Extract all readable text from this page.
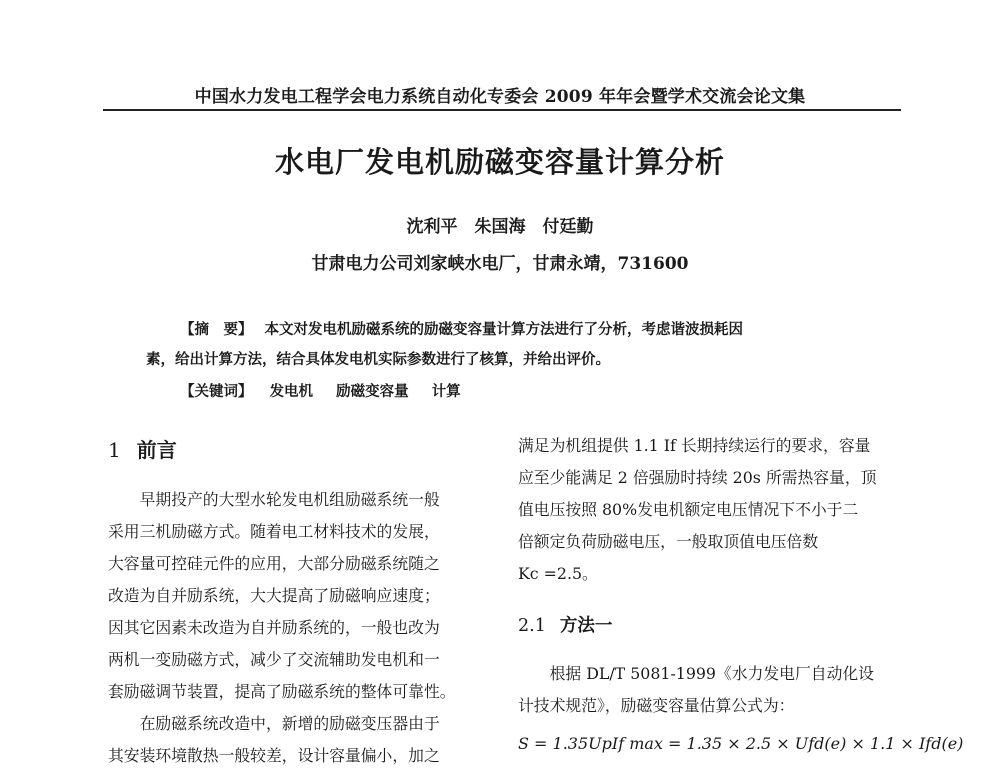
中国水力发电工程学会电力系统自动化专委会 2009 年年会暨学术交流会论文集
水电厂发电机励磁变容量计算分析
沈利平　朱国海　付廷勤
甘肃电力公司刘家峡水电厂，甘肃永靖，731600
【摘　要】 本文对发电机励磁系统的励磁变容量计算方法进行了分析，考虑谐波损耗因
素，给出计算方法，结合具体发电机实际参数进行了核算，并给出评价。
【关键词】 发电机 励磁变容量 计算
1 前言
早期投产的大型水轮发电机组励磁系统一般
采用三机励磁方式。随着电工材料技术的发展，
大容量可控硅元件的应用，大部分励磁系统随之
改造为自并励系统，大大提高了励磁响应速度；
因其它因素未改造为自并励系统的，一般也改为
两机一变励磁方式，减少了交流辅助发电机和一
套励磁调节装置，提高了励磁系统的整体可靠性。
在励磁系统改造中，新增的励磁变压器由于
其安装环境散热一般较差，设计容量偏小，加之
满足为机组提供 1.1 If 长期持续运行的要求，容量
应至少能满足 2 倍强励时持续 20s 所需热容量，顶
值电压按照 80%发电机额定电压情况下不小于二
倍额定负荷励磁电压，一般取顶值电压倍数
Kc =2.5。
2.1 方法一
根据 DL/T 5081-1999《水力发电厂自动化设
计技术规范》，励磁变容量估算公式为：
S = 1.35UpIf max = 1.35 × 2.5 × Ufd(e) × 1.1 × Ifd(e)
